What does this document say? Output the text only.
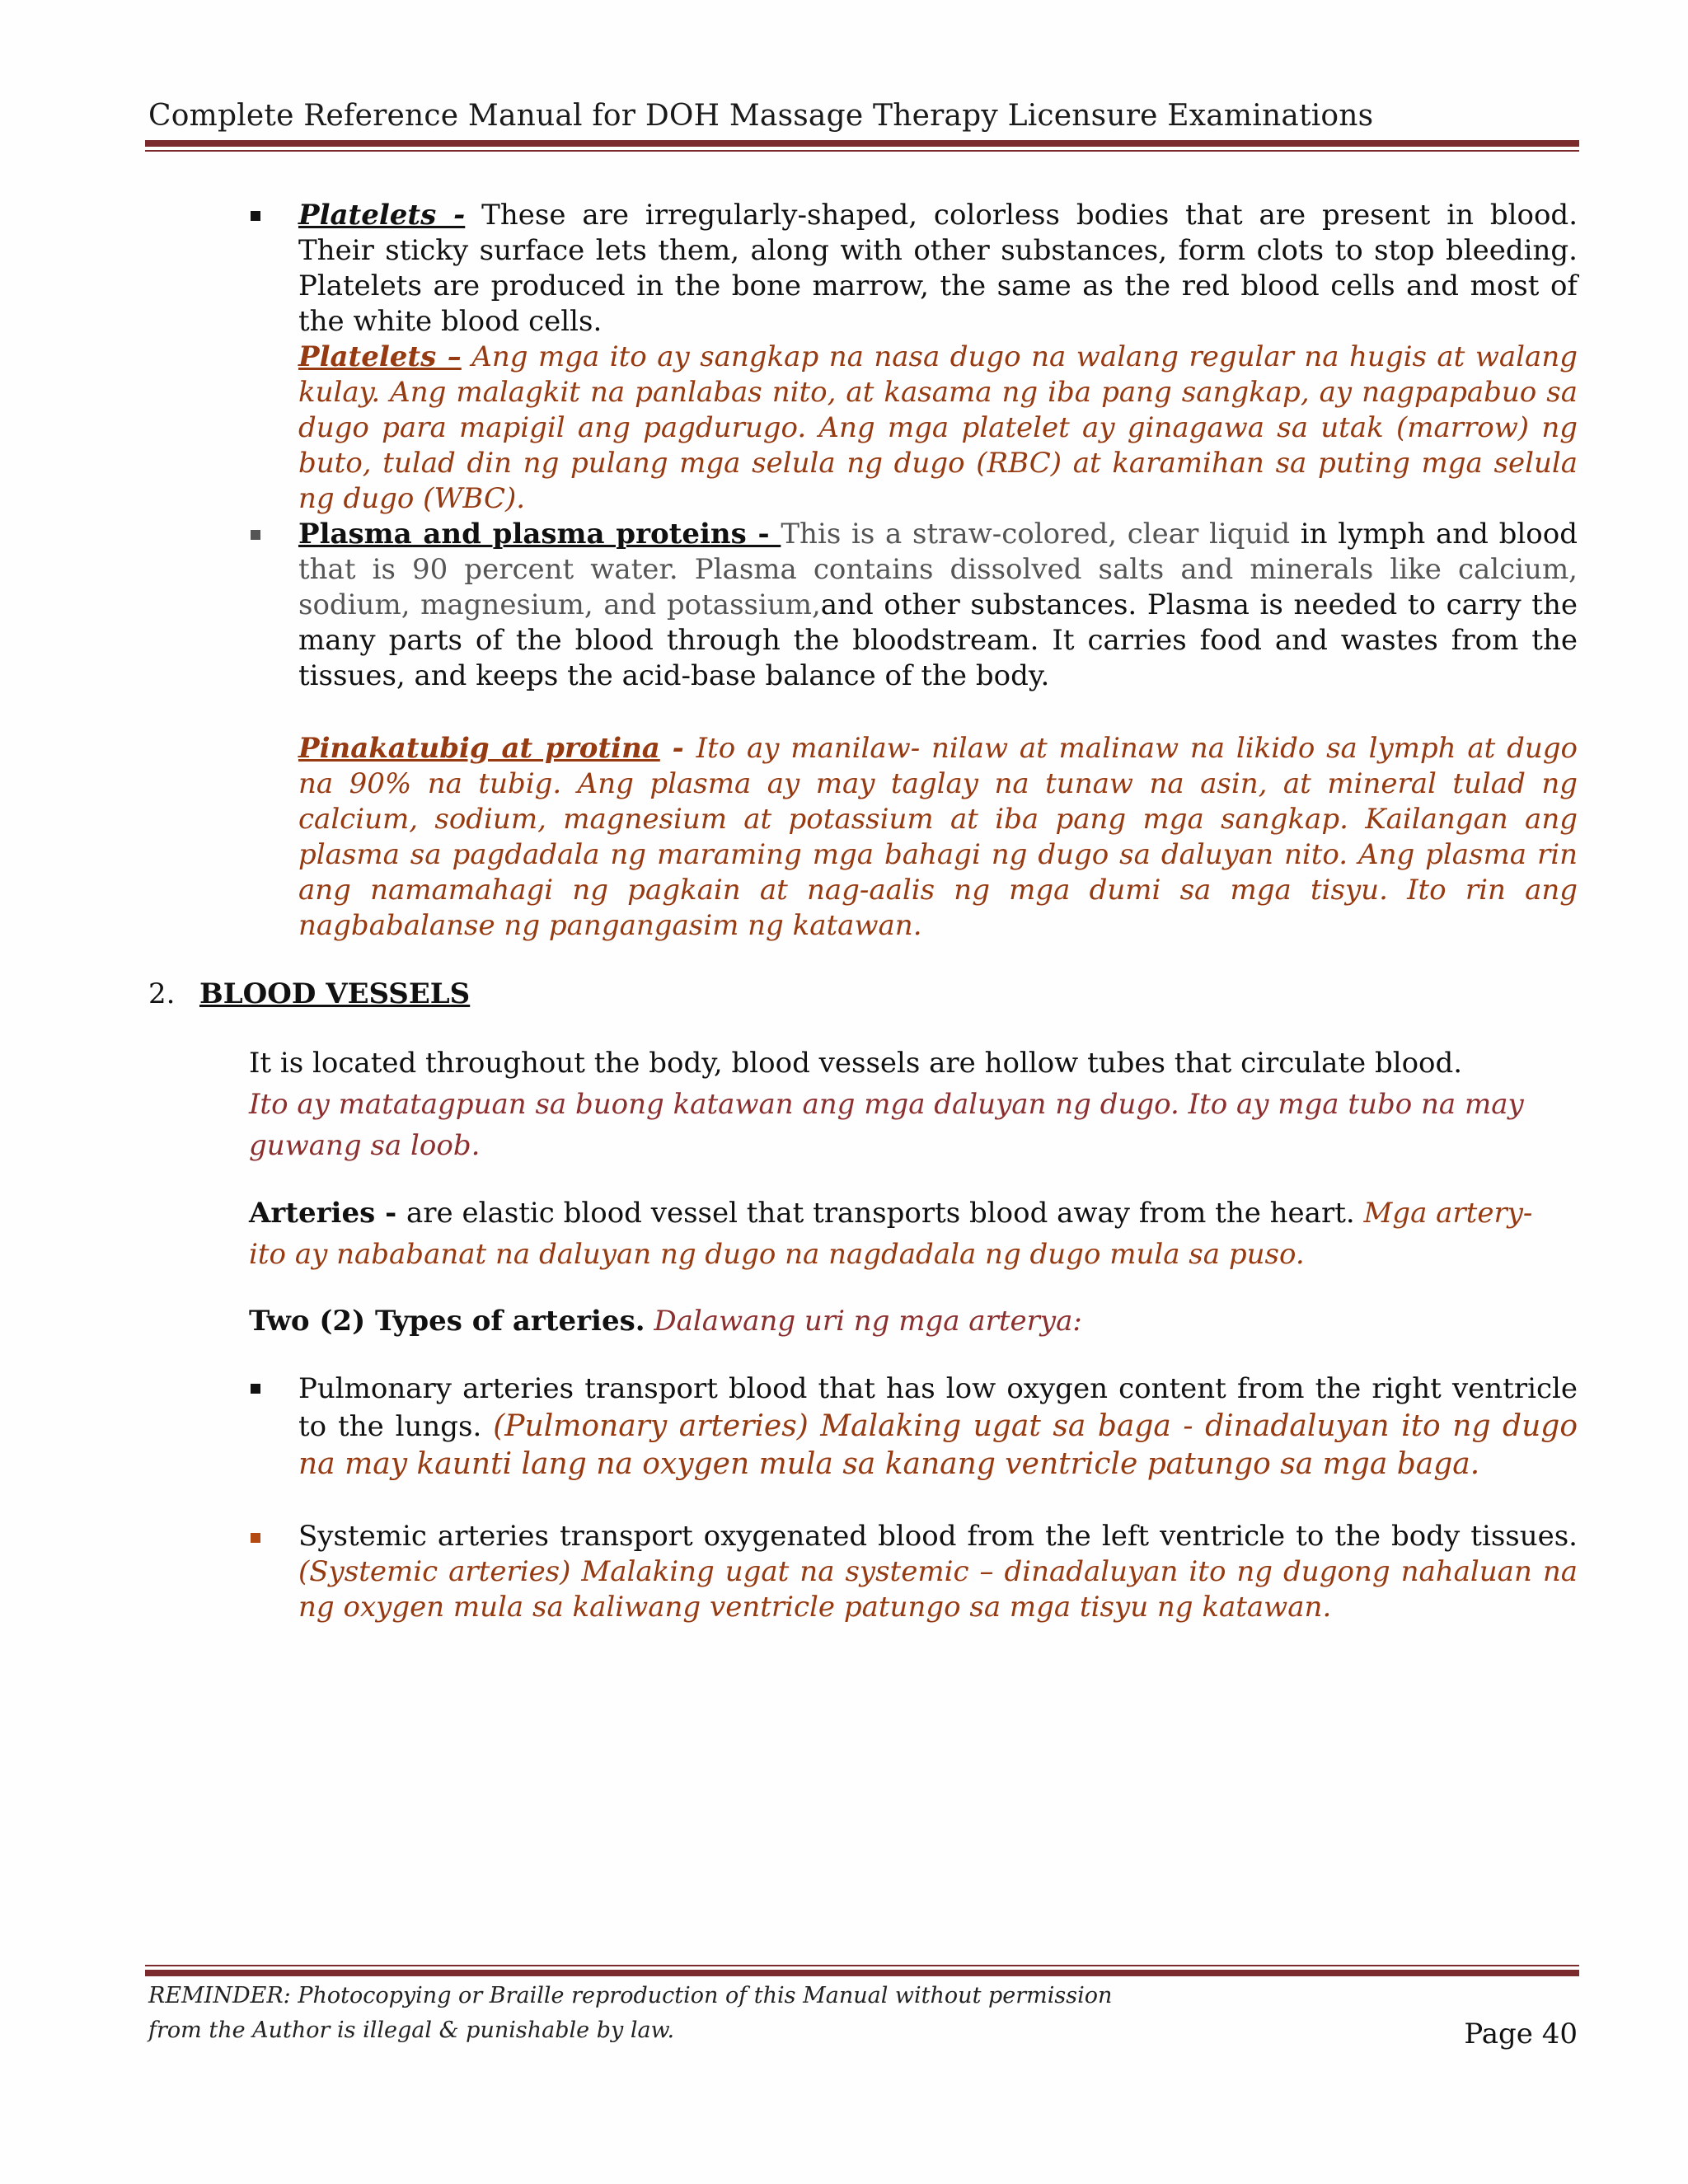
Complete Reference Manual for DOH Massage Therapy Licensure Examinations
Platelets - These are irregularly-shaped, colorless bodies that are present in blood. Their sticky surface lets them, along with other substances, form clots to stop bleeding. Platelets are produced in the bone marrow, the same as the red blood cells and most of the white blood cells.
Platelets – Ang mga ito ay sangkap na nasa dugo na walang regular na hugis at walang kulay. Ang malagkit na panlabas nito, at kasama ng iba pang sangkap, ay nagpapabuo sa dugo para mapigil ang pagdurugo. Ang mga platelet ay ginagawa sa utak (marrow) ng buto, tulad din ng pulang mga selula ng dugo (RBC) at karamihan sa puting mga selula ng dugo (WBC).
Plasma and plasma proteins - This is a straw-colored, clear liquid in lymph and blood that is 90 percent water. Plasma contains dissolved salts and minerals like calcium, sodium, magnesium, and potassium,and other substances. Plasma is needed to carry the many parts of the blood through the bloodstream. It carries food and wastes from the tissues, and keeps the acid-base balance of the body.
Pinakatubig at protina - Ito ay manilaw- nilaw at malinaw na likido sa lymph at dugo na 90% na tubig. Ang plasma ay may taglay na tunaw na asin, at mineral tulad ng calcium, sodium, magnesium at potassium at iba pang mga sangkap. Kailangan ang plasma sa pagdadala ng maraming mga bahagi ng dugo sa daluyan nito. Ang plasma rin ang namamahagi ng pagkain at nag-aalis ng mga dumi sa mga tisyu. Ito rin ang nagbabalanse ng pangangasim ng katawan.
2. BLOOD VESSELS
It is located throughout the body, blood vessels are hollow tubes that circulate blood.
Ito ay matatagpuan sa buong katawan ang mga daluyan ng dugo. Ito ay mga tubo na may guwang sa loob.
Arteries - are elastic blood vessel that transports blood away from the heart. Mga artery- ito ay nababanat na daluyan ng dugo na nagdadala ng dugo mula sa puso.
Two (2) Types of arteries. Dalawang uri ng mga arterya:
Pulmonary arteries transport blood that has low oxygen content from the right ventricle to the lungs. (Pulmonary arteries) Malaking ugat sa baga - dinadaluyan ito ng dugo na may kaunti lang na oxygen mula sa kanang ventricle patungo sa mga baga.
Systemic arteries transport oxygenated blood from the left ventricle to the body tissues. (Systemic arteries) Malaking ugat na systemic – dinadaluyan ito ng dugong nahaluan na ng oxygen mula sa kaliwang ventricle patungo sa mga tisyu ng katawan.
REMINDER: Photocopying or Braille reproduction of this Manual without permission
from the Author is illegal & punishable by law.	Page 40
